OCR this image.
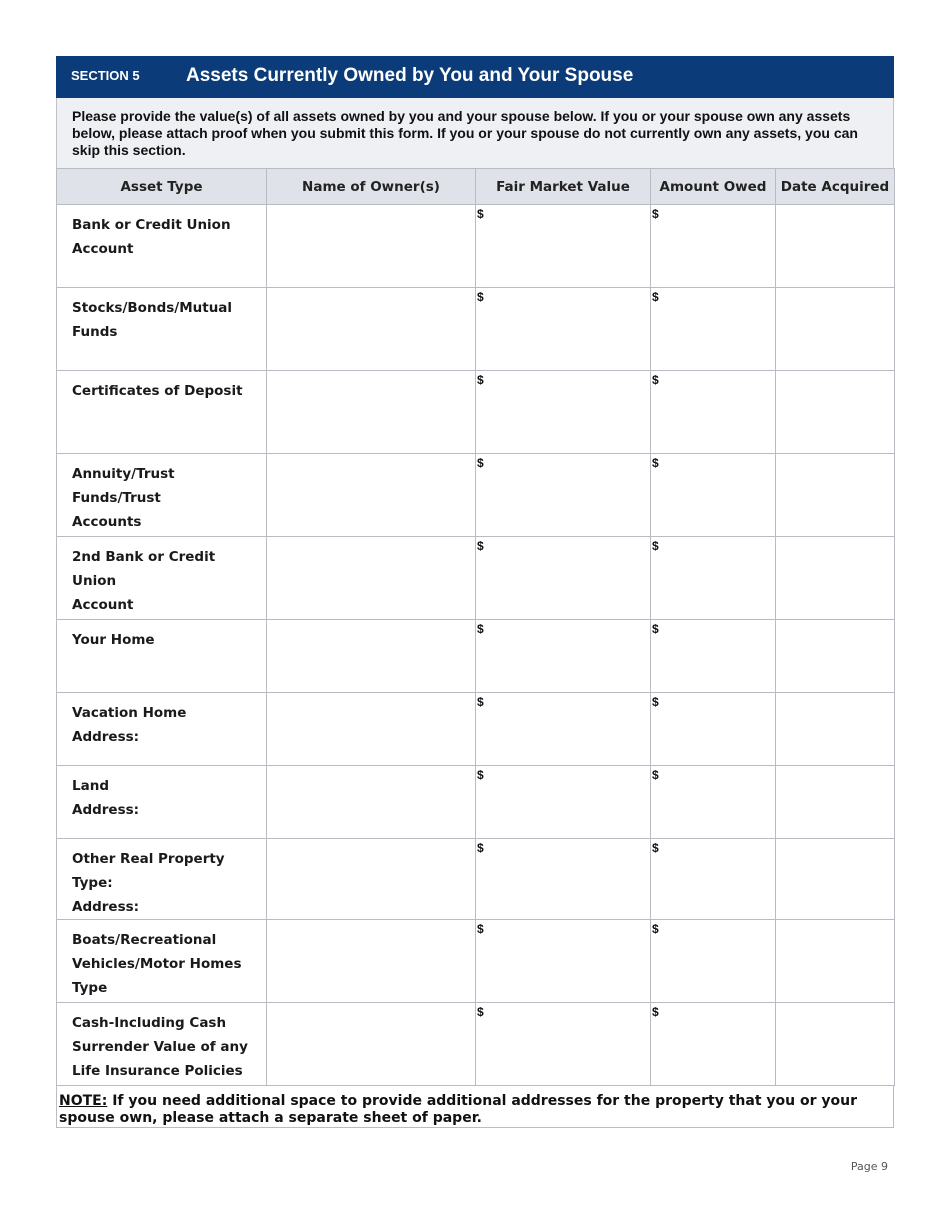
SECTION 5 Assets Currently Owned by You and Your Spouse
Please provide the value(s) of all assets owned by you and your spouse below. If you or your spouse own any assets below, please attach proof when you submit this form. If you or your spouse do not currently own any assets, you can skip this section.
Asset Type	Name of Owner(s)	Fair Market Value	Amount Owed	Date Acquired

Bank or Credit Union
Account		$	$	

Stocks/Bonds/Mutual
Funds		$	$	

Certificates of Deposit		$	$	

Annuity/Trust Funds/Trust
Accounts		$	$	

2nd Bank or Credit Union
Account		$	$	

Your Home		$	$	

Vacation Home
Address:		$	$	

Land
Address:		$	$	

Other Real Property
Type:
Address:		$	$	

Boats/Recreational
Vehicles/Motor Homes
Type		$	$	

Cash-Including Cash
Surrender Value of any
Life Insurance Policies		$	$	

NOTE: If you need additional space to provide additional addresses for the property that you or your spouse own, please attach a separate sheet of paper.
Page 9
